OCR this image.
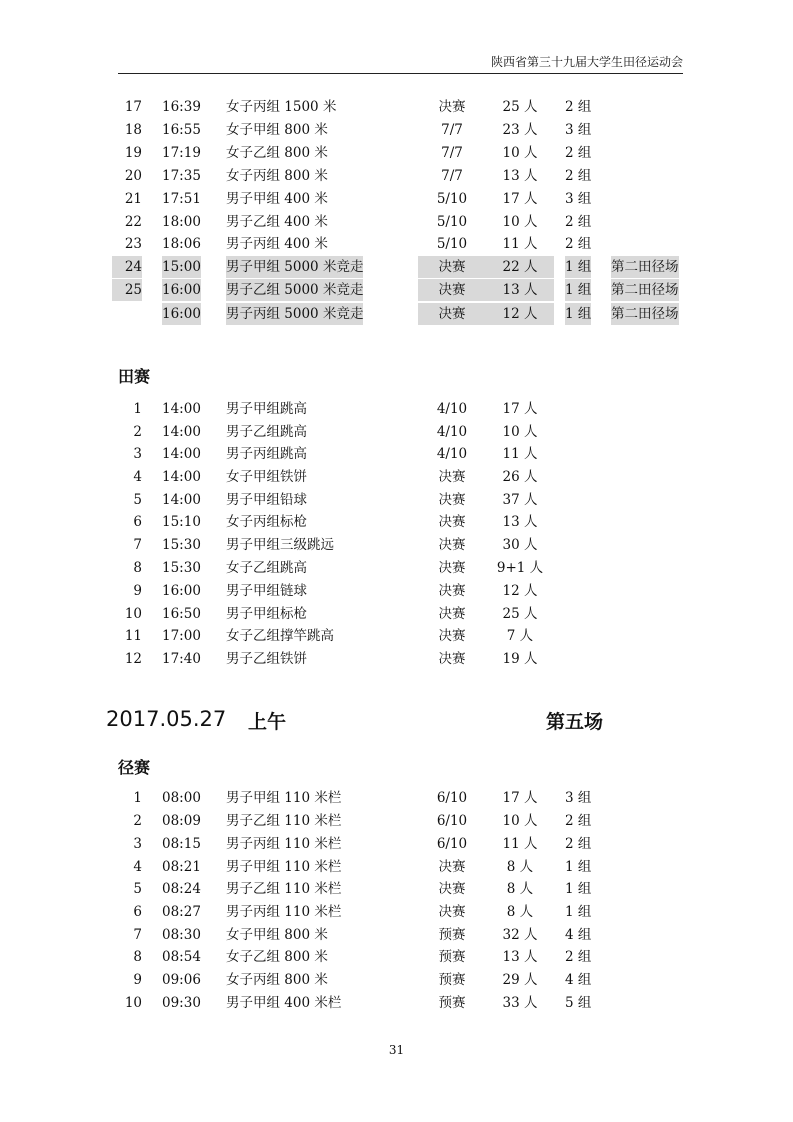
陕西省第三十九届大学生田径运动会
17 16:39 女子丙组 1500 米	决赛	25 人	2 组
18 16:55 女子甲组 800 米	7/7	23 人	3 组
19 17:19 女子乙组 800 米	7/7	10 人	2 组
20 17:35 女子丙组 800 米	7/7	13 人	2 组
21 17:51 男子甲组 400 米	5/10	17 人	3 组
22 18:00 男子乙组 400 米	5/10	10 人	2 组
23 18:06 男子丙组 400 米	5/10	11 人	2 组
24 15:00 男子甲组 5000 米竞走	决赛	22 人	1 组 第二田径场
25 16:00 男子乙组 5000 米竞走	决赛	13 人	1 组 第二田径场
16:00 男子丙组 5000 米竞走	决赛	12 人	1 组 第二田径场
田赛
1 14:00 男子甲组跳高	4/10	17 人
2 14:00 男子乙组跳高	4/10	10 人
3 14:00 男子丙组跳高	4/10	11 人
4 14:00 女子甲组铁饼	决赛	26 人
5 14:00 男子甲组铅球	决赛	37 人
6 15:10 女子丙组标枪	决赛	13 人
7 15:30 男子甲组三级跳远	决赛	30 人
8 15:30 女子乙组跳高	决赛	9+1 人
9 16:00 男子甲组链球	决赛	12 人
10 16:50 男子甲组标枪	决赛	25 人
11 17:00 女子乙组撑竿跳高	决赛	7 人
12 17:40 男子乙组铁饼	决赛	19 人
2017.05.27 上午	第五场
径赛
1 08:00 男子甲组 110 米栏	6/10	17 人	3 组
2 08:09 男子乙组 110 米栏	6/10	10 人	2 组
3 08:15 男子丙组 110 米栏	6/10	11 人	2 组
4 08:21 男子甲组 110 米栏	决赛	8 人	1 组
5 08:24 男子乙组 110 米栏	决赛	8 人	1 组
6 08:27 男子丙组 110 米栏	决赛	8 人	1 组
7 08:30 女子甲组 800 米	预赛	32 人	4 组
8 08:54 女子乙组 800 米	预赛	13 人	2 组
9 09:06 女子丙组 800 米	预赛	29 人	4 组
10 09:30 男子甲组 400 米栏	预赛	33 人	5 组
31
